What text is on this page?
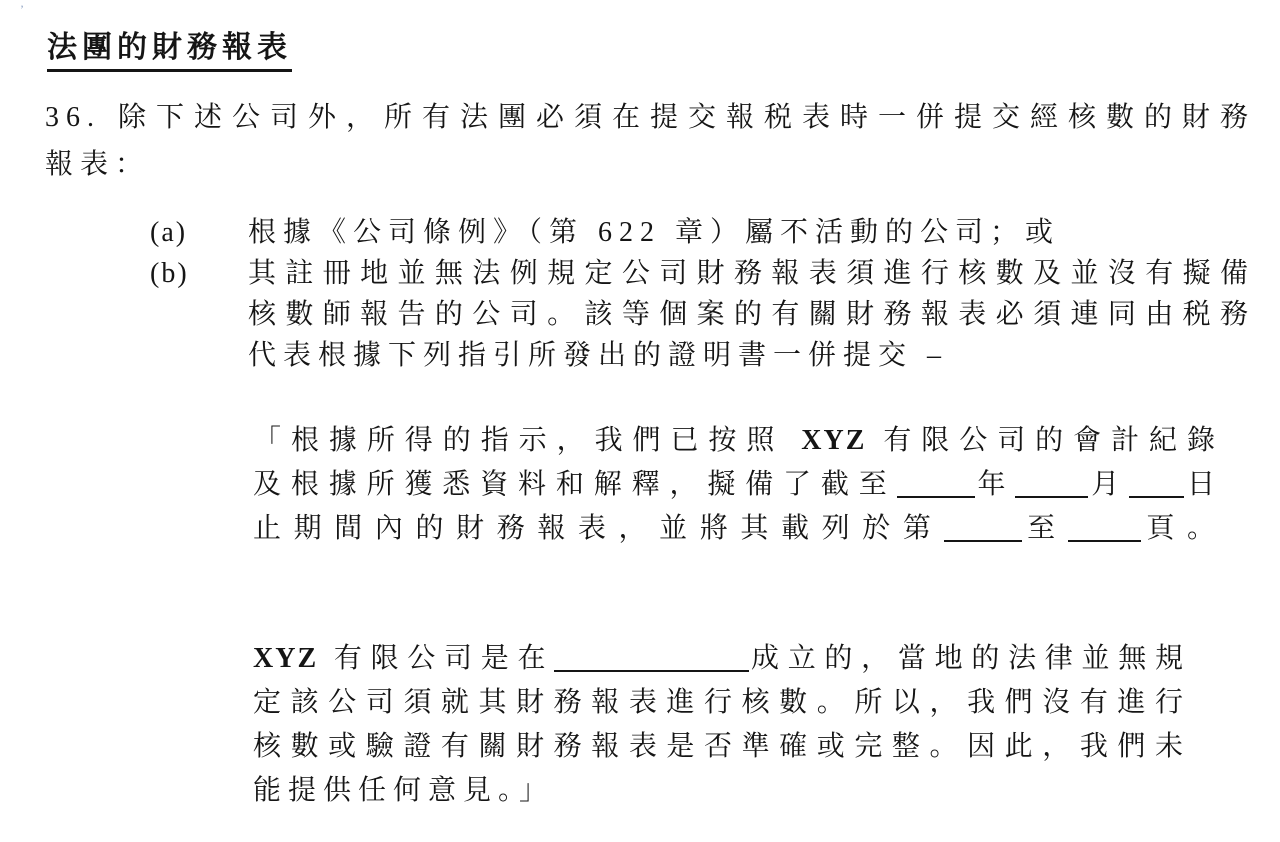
’
法團的財務報表
36. 除下述公司外，所有法團必須在提交報税表時一併提交經核數的財務
報表：
(a)	根據《公司條例》（第 622 章）屬不活動的公司；或
(b)	其註冊地並無法例規定公司財務報表須進行核數及並沒有擬備
核數師報告的公司。該等個案的有關財務報表必須連同由税務
代表根據下列指引所發出的證明書一併提交 –
「根據所得的指示，我們已按照 XYZ 有限公司的會計紀錄
及根據所獲悉資料和解釋，擬備了截至	年	月 日
止期間內的財務報表，並將其載列於第	至	頁。
XYZ 有限公司是在	成立的，當地的法律並無規
定該公司須就其財務報表進行核數。所以，我們沒有進行
核數或驗證有關財務報表是否準確或完整。因此，我們未
能提供任何意見。」
